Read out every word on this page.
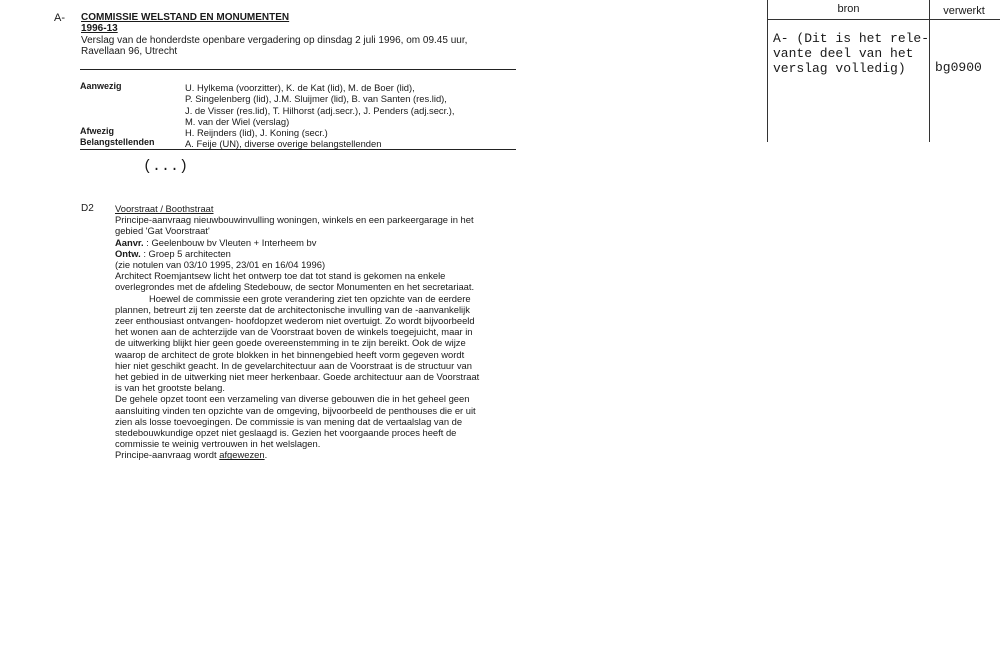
A- COMMISSIE WELSTAND EN MONUMENTEN
1996-13
Verslag van de honderdste openbare vergadering op dinsdag 2 juli 1996, om 09.45 uur,
Ravellaan 96, Utrecht
Aanwezig
Afwezig
Belangstellenden
U. Hylkema (voorzitter), K. de Kat (lid), M. de Boer (lid),
P. Singelenberg (lid), J.M. Sluijmer (lid), B. van Santen (res.lid),
J. de Visser (res.lid), T. Hilhorst (adj.secr.), J. Penders (adj.secr.),
M. van der Wiel (verslag)
H. Reijnders (lid), J. Koning (secr.)
A. Feije (UN), diverse overige belangstellenden
(...)
D2 Voorstraat / Boothstraat
Principe-aanvraag nieuwbouwinvulling woningen, winkels en een parkeergarage in het
gebied 'Gat Voorstraat'
Aanvr. : Geelenbouw bv Vleuten + Interheem bv
Ontw. : Groep 5 architecten
(zie notulen van 03/10 1995, 23/01 en 16/04 1996)
Architect Roemjantsew licht het ontwerp toe dat tot stand is gekomen na enkele
overlegrondes met de afdeling Stedebouw, de sector Monumenten en het secretariaat.
Hoewel de commissie een grote verandering ziet ten opzichte van de eerdere
plannen, betreurt zij ten zeerste dat de architectonische invulling van de -aanvankelijk
zeer enthousiast ontvangen- hoofdopzet wederom niet overtuigt. Zo wordt bijvoorbeeld
het wonen aan de achterzijde van de Voorstraat boven de winkels toegejuicht, maar in
de uitwerking blijkt hier geen goede overeenstemming in te zijn bereikt. Ook de wijze
waarop de architect de grote blokken in het binnengebied heeft vorm gegeven wordt
hier niet geschikt geacht. In de gevelarchitectuur aan de Voorstraat is de structuur van
het gebied in de uitwerking niet meer herkenbaar. Goede architectuur aan de Voorstraat
is van het grootste belang.
De gehele opzet toont een verzameling van diverse gebouwen die in het geheel geen
aansluiting vinden ten opzichte van de omgeving, bijvoorbeeld de penthouses die er uit
zien als losse toevoegingen. De commissie is van mening dat de vertaalslag van de
stedebouwkundige opzet niet geslaagd is. Gezien het voorgaande proces heeft de
commissie te weinig vertrouwen in het welslagen.
Principe-aanvraag wordt afgewezen.
bron	verwerkt
A- (Dit is het rele-
vante deel van het
verslag volledig)	bg0900
